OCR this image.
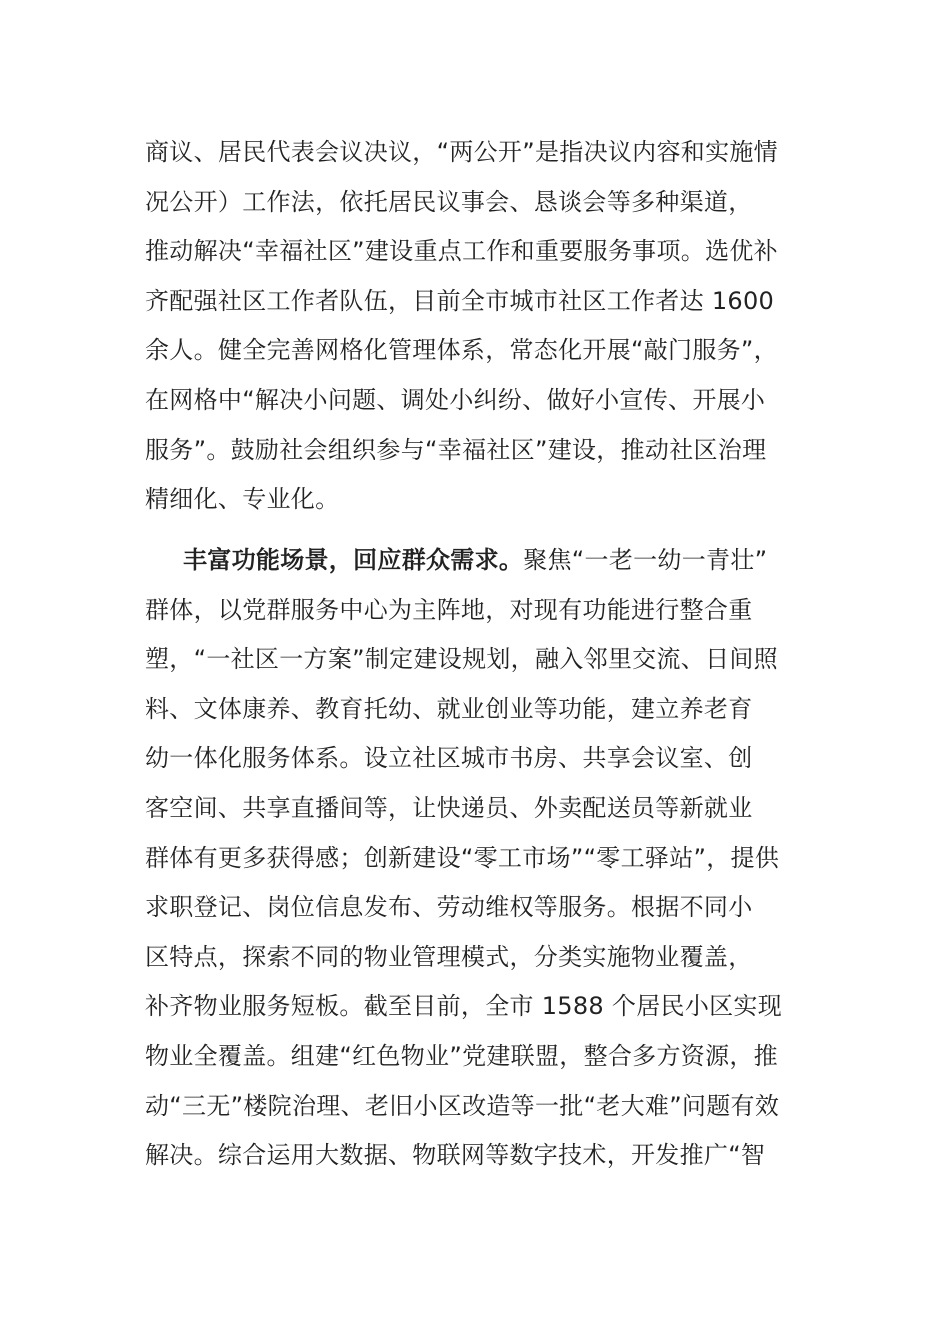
商议、居民代表会议决议，“两公开”是指决议内容和实施情
况公开）工作法，依托居民议事会、恳谈会等多种渠道，
推动解决“幸福社区”建设重点工作和重要服务事项。选优补
齐配强社区工作者队伍，目前全市城市社区工作者达 1600
余人。健全完善网格化管理体系，常态化开展“敲门服务”，
在网格中“解决小问题、调处小纠纷、做好小宣传、开展小
服务”。鼓励社会组织参与“幸福社区”建设，推动社区治理
精细化、专业化。
丰富功能场景，回应群众需求。聚焦“一老一幼一青壮”
群体，以党群服务中心为主阵地，对现有功能进行整合重
塑，“一社区一方案”制定建设规划，融入邻里交流、日间照
料、文体康养、教育托幼、就业创业等功能，建立养老育
幼一体化服务体系。设立社区城市书房、共享会议室、创
客空间、共享直播间等，让快递员、外卖配送员等新就业
群体有更多获得感；创新建设“零工市场”“零工驿站”，提供
求职登记、岗位信息发布、劳动维权等服务。根据不同小
区特点，探索不同的物业管理模式，分类实施物业覆盖，
补齐物业服务短板。截至目前，全市 1588 个居民小区实现
物业全覆盖。组建“红色物业”党建联盟，整合多方资源，推
动“三无”楼院治理、老旧小区改造等一批“老大难”问题有效
解决。综合运用大数据、物联网等数字技术，开发推广“智
